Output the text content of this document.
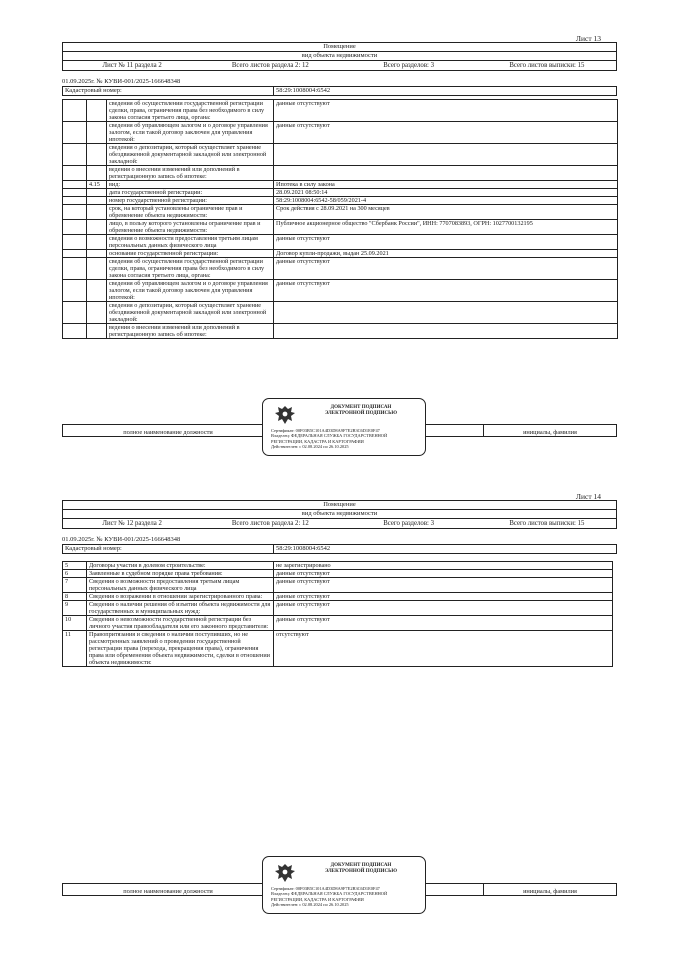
Лист 13
Помещение
вид объекта недвижимости
Лист № 11 раздела 2	Всего листов раздела 2: 12	Всего разделов: 3	Всего листов выписки: 15
01.09.2025г. № КУВИ-001/2025-166648348
Кадастровый номер:	58:29:1008004:6542
		сведения об осуществлении государственной регистрации сделки, права, ограничения права без необходимого в силу закона согласия третьего лица, органа:	данные отсутствуют
		сведения об управляющем залогом и о договоре управления залогом, если такой договор заключен для управления ипотекой:	данные отсутствуют
		сведения о депозитарии, который осуществляет хранение обездвиженной документарной закладной или электронной закладной:	
		ведения о внесении изменений или дополнений в регистрационную запись об ипотеке:	
	4.15	вид:	Ипотека в силу закона
		дата государственной регистрации:	28.09.2021 08:50:14
		номер государственной регистрации:	58:29:1008004:6542-58/059/2021-4
		срок, на который установлены ограничение прав и обременение объекта недвижимости:	Срок действия с 28.09.2021 на 300 месяцев
		лицо, в пользу которого установлены ограничение прав и обременение объекта недвижимости:	Публичное акционерное общество "Сбербанк России", ИНН: 7707083893, ОГРН: 1027700132195
		сведения о возможности предоставления третьим лицам персональных данных физического лица	данные отсутствуют
		основание государственной регистрации:	Договор купли-продажи, выдан 25.09.2021
		сведения об осуществлении государственной регистрации сделки, права, ограничения права без необходимого в силу закона согласия третьего лица, органа:	данные отсутствуют
		сведения об управляющем залогом и о договоре управления залогом, если такой договор заключен для управления ипотекой:	данные отсутствуют
		сведения о депозитарии, который осуществляет хранение обездвиженной документарной закладной или электронной закладной:	
		ведения о внесении изменений или дополнений в регистрационную запись об ипотеке:	
полное наименование должности		инициалы, фамилия
ДОКУМЕНТ ПОДПИСАН
ЭЛЕКТРОННОЙ ПОДПИСЬЮ
Сертификат: 00F03B5C101A4D3D8A9F7E2B3C6D1E0F47
Владелец: ФЕДЕРАЛЬНАЯ СЛУЖБА ГОСУДАРСТВЕННОЙ
РЕГИСТРАЦИИ, КАДАСТРА И КАРТОГРАФИИ
Действителен: с 02.08.2024 по 26.10.2025
Лист 14
Помещение
вид объекта недвижимости
Лист № 12 раздела 2	Всего листов раздела 2: 12	Всего разделов: 3	Всего листов выписки: 15
01.09.2025г. № КУВИ-001/2025-166648348
Кадастровый номер:	58:29:1008004:6542
5	Договоры участия в долевом строительстве:	не зарегистрировано
6	Заявленные в судебном порядке права требования:	данные отсутствуют
7	Сведения о возможности предоставления третьим лицам персональных данных физического лица	данные отсутствуют
8	Сведения о возражении в отношении зарегистрированного права:	данные отсутствуют
9	Сведения о наличии решения об изъятии объекта недвижимости для государственных и муниципальных нужд:	данные отсутствуют
10	Сведения о невозможности государственной регистрации без личного участия правообладателя или его законного представителя:	данные отсутствуют
11	Правопритязания и сведения о наличии поступивших, но не рассмотренных заявлений о проведении государственной регистрации права (перехода, прекращения права), ограничения права или обременения объекта недвижимости, сделки в отношении объекта недвижимости:	отсутствуют
полное наименование должности		инициалы, фамилия
ДОКУМЕНТ ПОДПИСАН
ЭЛЕКТРОННОЙ ПОДПИСЬЮ
Сертификат: 00F03B5C101A4D3D8A9F7E2B3C6D1E0F47
Владелец: ФЕДЕРАЛЬНАЯ СЛУЖБА ГОСУДАРСТВЕННОЙ
РЕГИСТРАЦИИ, КАДАСТРА И КАРТОГРАФИИ
Действителен: с 02.08.2024 по 26.10.2025
